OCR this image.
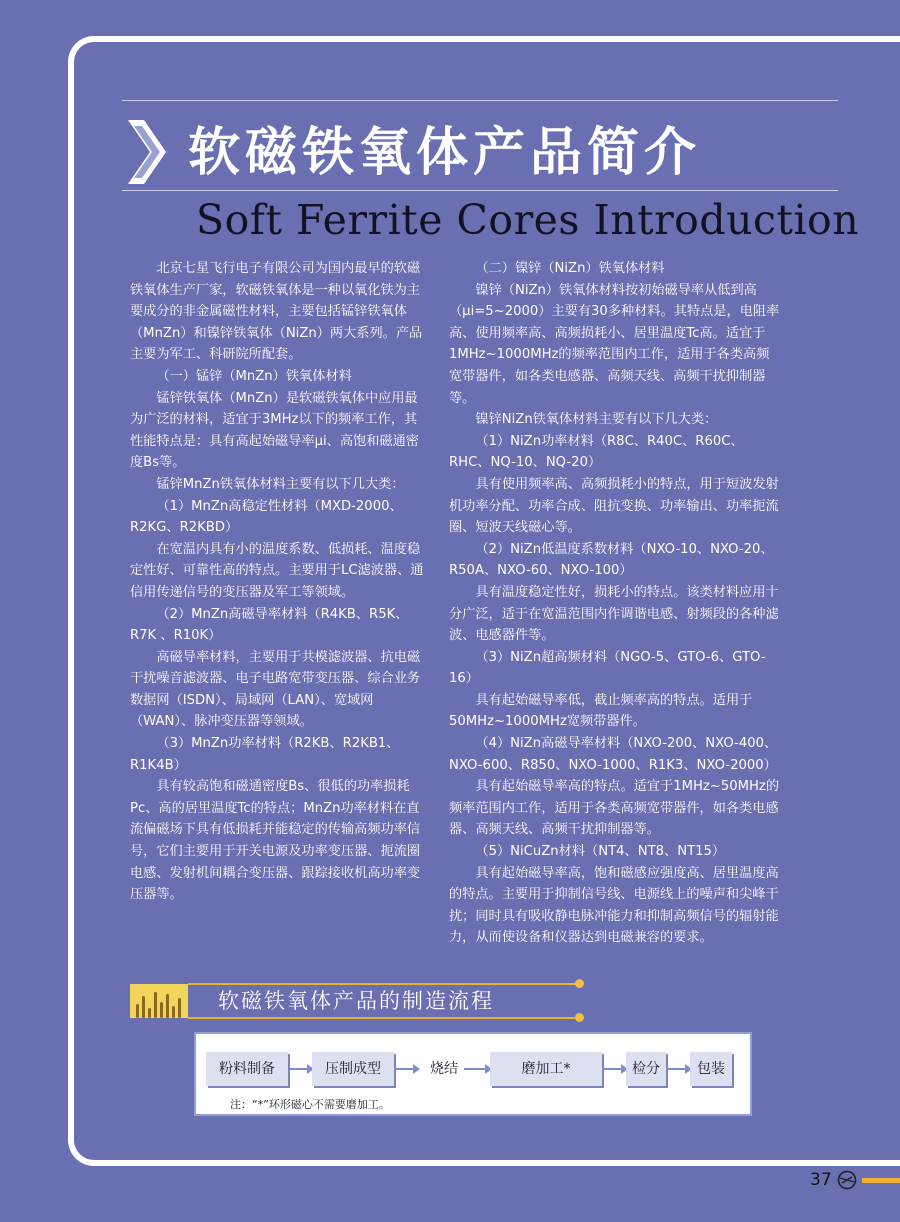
软磁铁氧体产品简介
Soft Ferrite Cores Introduction

北京七星飞行电子有限公司为国内最早的软磁铁氧体生产厂家，软磁铁氧体是一种以氧化铁为主要成分的非金属磁性材料，主要包括锰锌铁氧体（MnZn）和镍锌铁氧体（NiZn）两大系列。产品主要为军工、科研院所配套。

（一）锰锌（MnZn）铁氧体材料

锰锌铁氧体（MnZn）是软磁铁氧体中应用最为广泛的材料，适宜于3MHz以下的频率工作，其性能特点是：具有高起始磁导率μi、高饱和磁通密度Bs等。

锰锌MnZn铁氧体材料主要有以下几大类：

（1）MnZn高稳定性材料（MXD-2000、R2KG、R2KBD）

在宽温内具有小的温度系数、低损耗、温度稳定性好、可靠性高的特点。主要用于LC滤波器、通信用传递信号的变压器及军工等领域。

（2）MnZn高磁导率材料（R4KB、R5K、R7K 、R10K）

高磁导率材料，主要用于共模滤波器、抗电磁干扰噪音滤波器、电子电路宽带变压器、综合业务数据网（ISDN）、局域网（LAN）、宽域网（WAN）、脉冲变压器等领域。

（3）MnZn功率材料（R2KB、R2KB1、R1K4B）

具有较高饱和磁通密度Bs、很低的功率损耗Pc、高的居里温度Tc的特点；MnZn功率材料在直流偏磁场下具有低损耗并能稳定的传输高频功率信号，它们主要用于开关电源及功率变压器、扼流圈电感、发射机间耦合变压器、跟踪接收机高功率变压器等。

（二）镍锌（NiZn）铁氧体材料

镍锌（NiZn）铁氧体材料按初始磁导率从低到高（μi=5~2000）主要有30多种材料。其特点是，电阻率高、使用频率高、高频损耗小、居里温度Tc高。适宜于1MHz~1000MHz的频率范围内工作，适用于各类高频宽带器件，如各类电感器、高频天线、高频干扰抑制器等。

镍锌NiZn铁氧体材料主要有以下几大类：

（1）NiZn功率材料（R8C、R40C、R60C、RHC、NQ-10、NQ-20）

具有使用频率高、高频损耗小的特点，用于短波发射机功率分配、功率合成、阻抗变换、功率输出、功率扼流圈、短波天线磁心等。

（2）NiZn低温度系数材料（NXO-10、NXO-20、R50A、NXO-60、NXO-100）

具有温度稳定性好，损耗小的特点。该类材料应用十分广泛，适于在宽温范围内作调谐电感、射频段的各种滤波、电感器件等。

（3）NiZn超高频材料（NGO-5、GTO-6、GTO-16）

具有起始磁导率低，截止频率高的特点。适用于50MHz~1000MHz宽频带器件。

（4）NiZn高磁导率材料（NXO-200、NXO-400、NXO-600、R850、NXO-1000、R1K3、NXO-2000）

具有起始磁导率高的特点。适宜于1MHz~50MHz的频率范围内工作，适用于各类高频宽带器件，如各类电感器、高频天线、高频干扰抑制器等。

（5）NiCuZn材料（NT4、NT8、NT15）

具有起始磁导率高，饱和磁感应强度高、居里温度高的特点。主要用于抑制信号线、电源线上的噪声和尖峰干扰；同时具有吸收静电脉冲能力和抑制高频信号的辐射能力，从而使设备和仪器达到电磁兼容的要求。

软磁铁氧体产品的制造流程
粉料制备	压制成型	烧结	磨加工*	检分	包装
注：“*”环形磁心不需要磨加工。
37
